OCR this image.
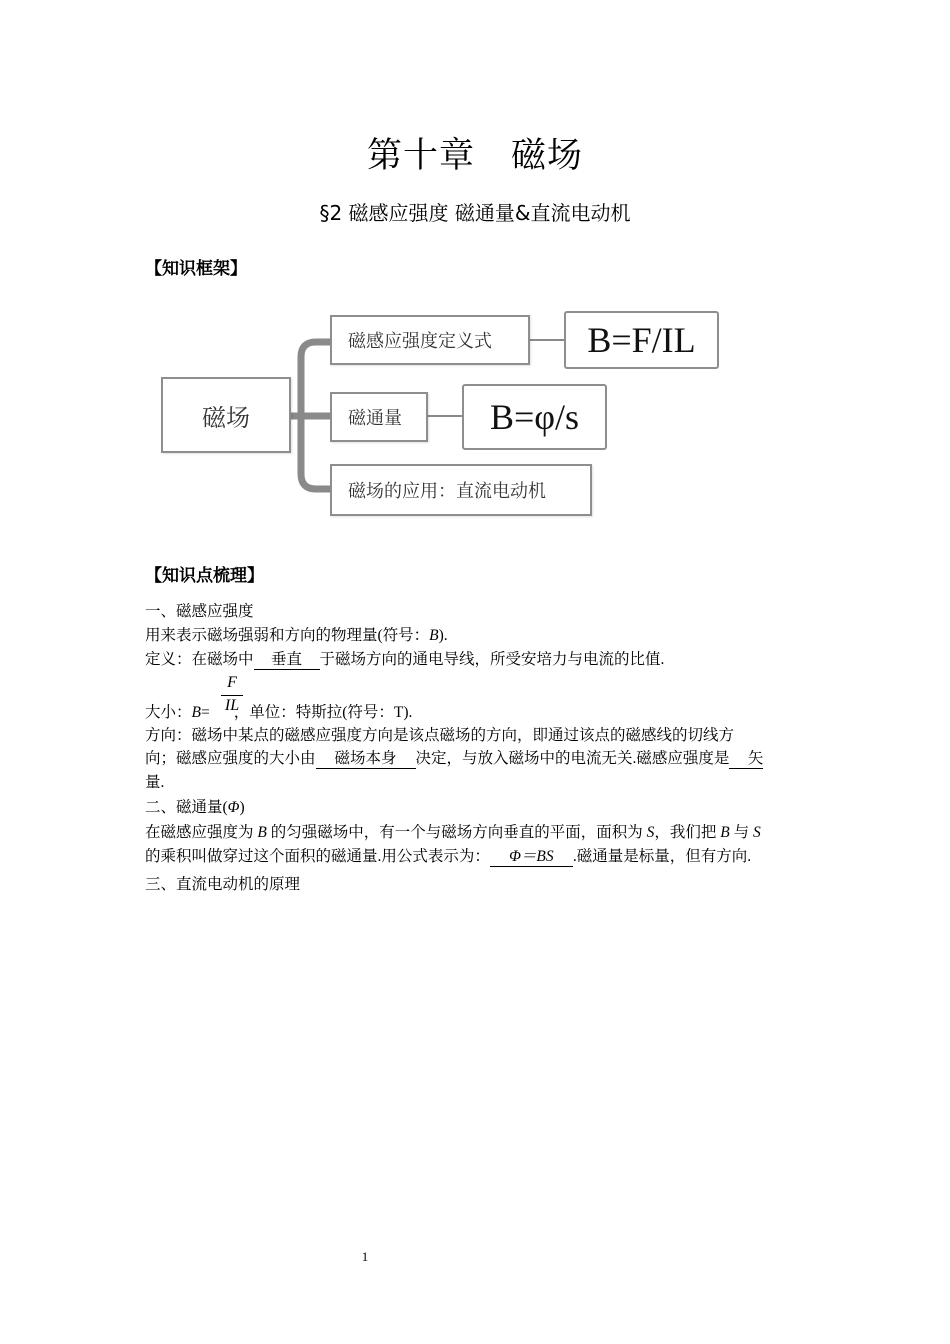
第十章　磁场
§2 磁感应强度 磁通量&直流电动机
【知识框架】
磁场
磁感应强度定义式	B=F/IL
磁通量	B=φ/s
磁场的应用：直流电动机
【知识点梳理】
一、磁感应强度
用来表示磁场强弱和方向的物理量(符号：B).
定义：在磁场中 垂直 于磁场方向的通电导线，所受安培力与电流的比值.
F
IL
大小：B= ，单位：特斯拉(符号：T).
方向：磁场中某点的磁感应强度方向是该点磁场的方向，即通过该点的磁感线的切线方
向；磁感应强度的大小由 磁场本身 决定，与放入磁场中的电流无关.磁感应强度是 矢
量.
二、磁通量(Φ)
在磁感应强度为 B 的匀强磁场中，有一个与磁场方向垂直的平面，面积为 S，我们把 B 与 S
的乘积叫做穿过这个面积的磁通量.用公式表示为： Φ＝BS .磁通量是标量，但有方向.
三、直流电动机的原理
1
